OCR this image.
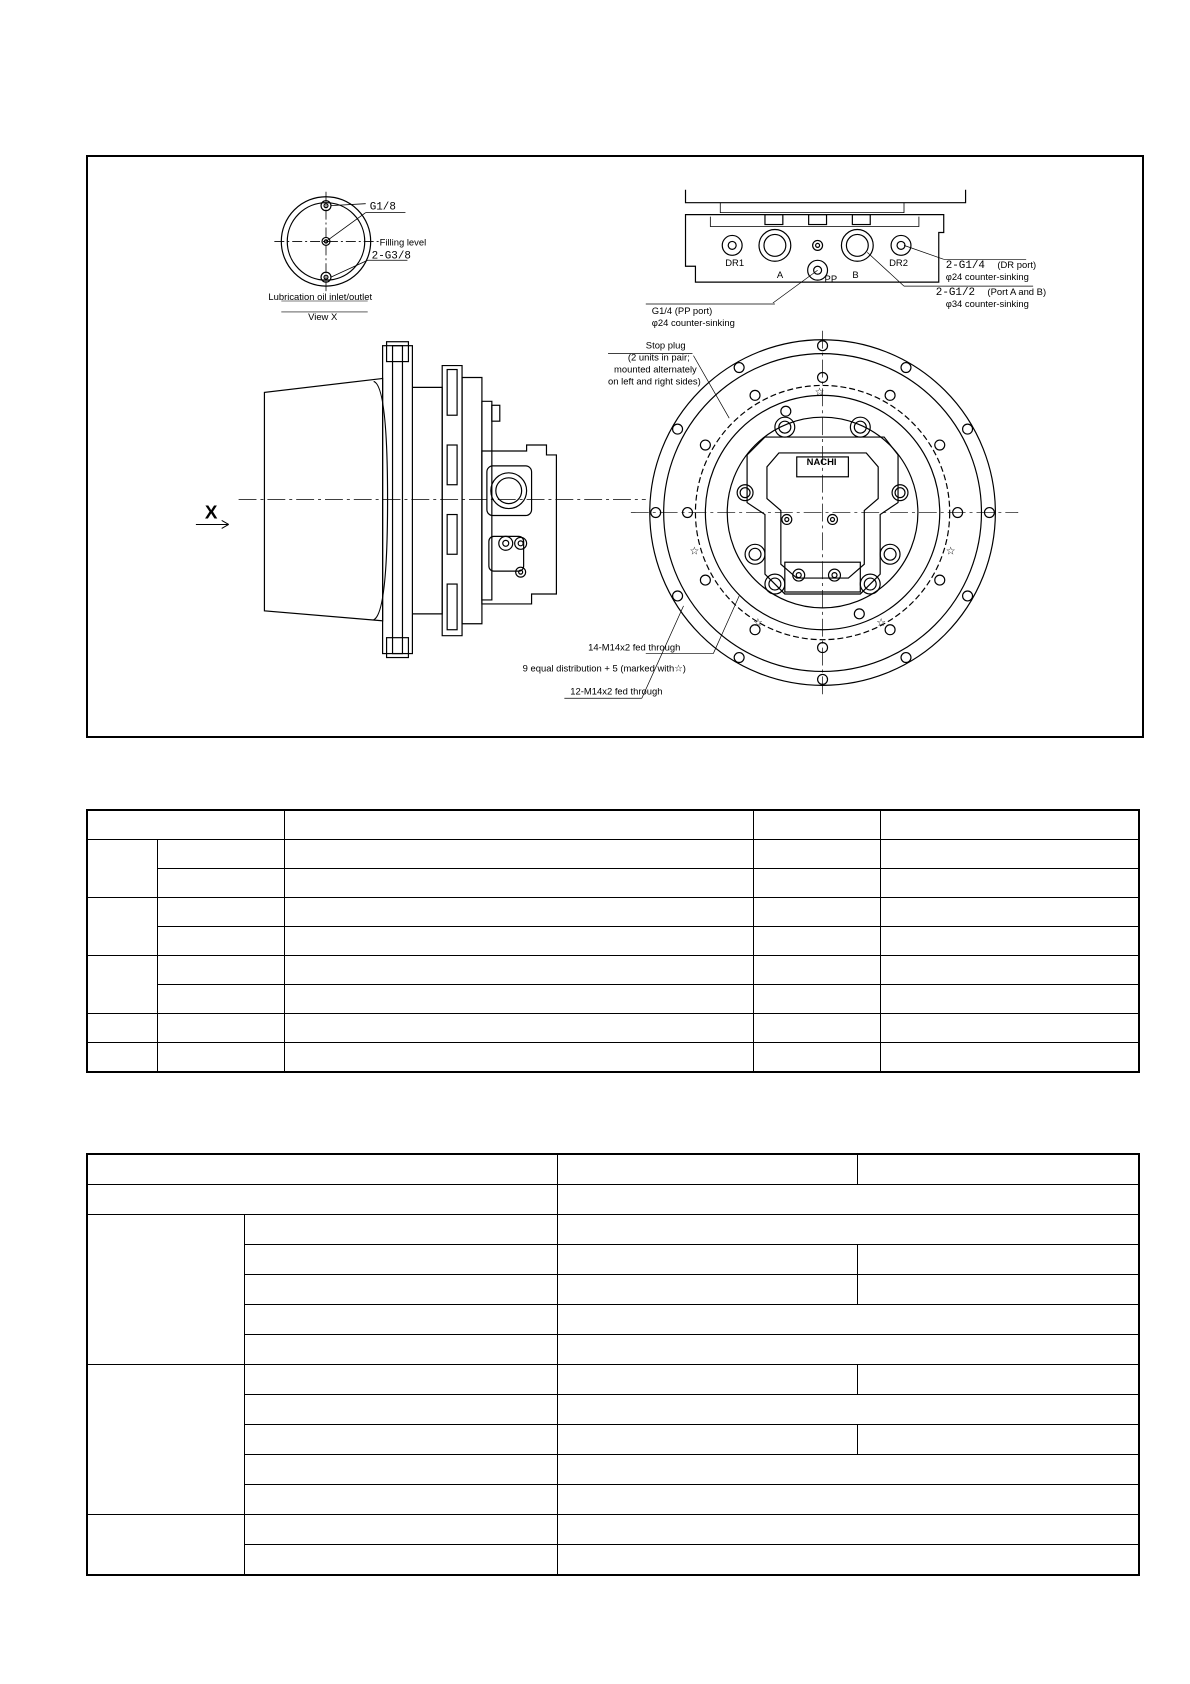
☆
☆	☆
☆	☆
G1/8
Filling level
2-G3/8
Lubrication oil inlet/outlet
View X
X
DR1	DR2
A	B
PP
2-G1/4 (DR port)
φ24 counter-sinking
2-G1/2 (Port A and B)
φ34 counter-sinking
G1/4 (PP port)
φ24 counter-sinking
Stop plug
(2 units in pair;
mounted alternately
on left and right sides)
NACHI
14-M14x2 fed through
9 equal distribution + 5 (marked with☆)
12-M14x2 fed through
